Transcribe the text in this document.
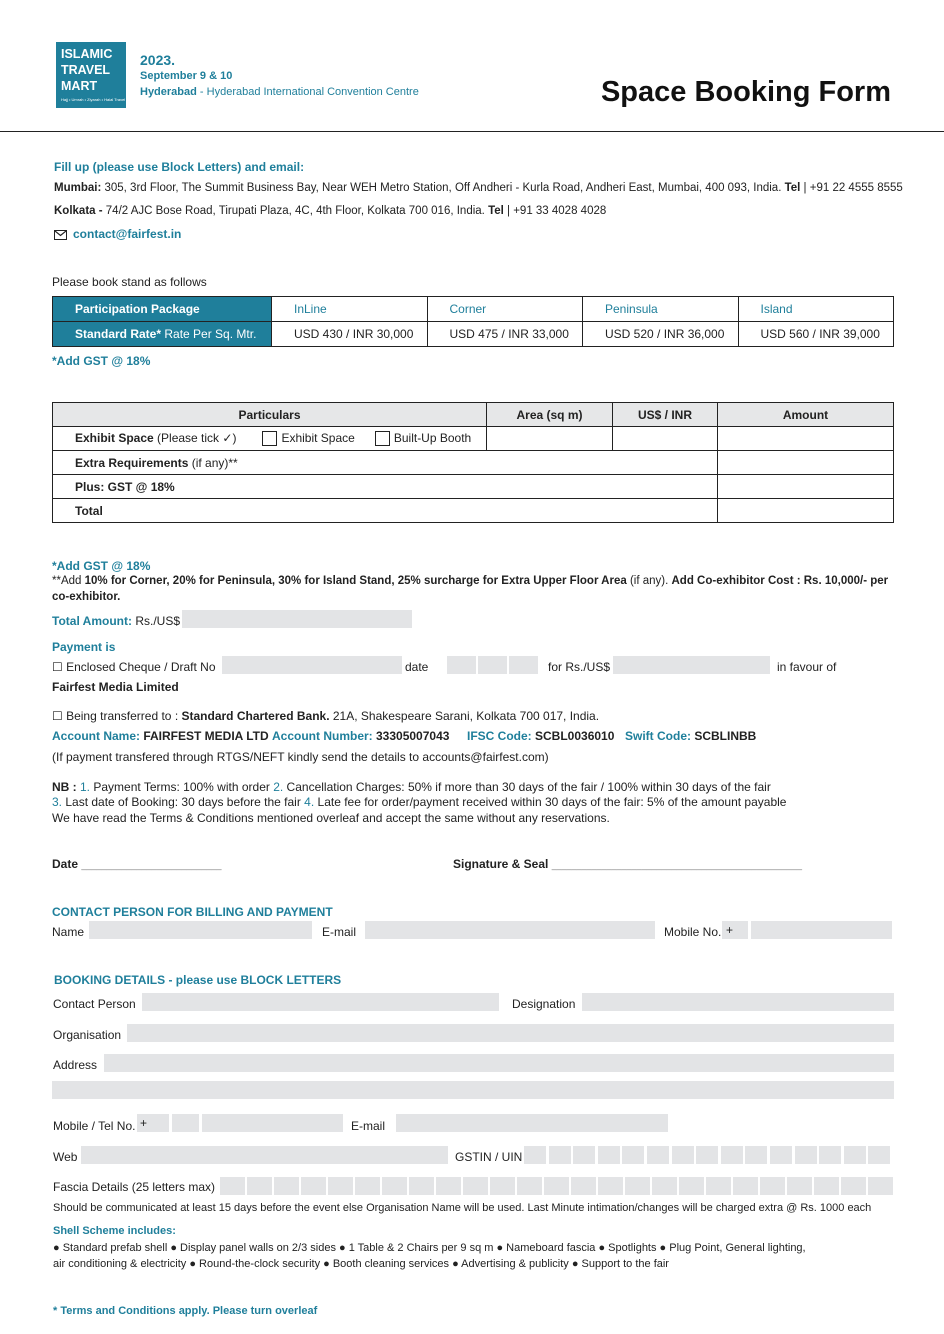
ISLAMIC
TRAVEL
MART
Hajj • Umrah • Ziyarah • Halal Travel
2023.
September 9 & 10
Hyderabad - Hyderabad International Convention Centre	Space Booking Form
Fill up (please use Block Letters) and email:
Mumbai: 305, 3rd Floor, The Summit Business Bay, Near WEH Metro Station, Off Andheri - Kurla Road, Andheri East, Mumbai, 400 093, India. Tel | +91 22 4555 8555
Kolkata - 74/2 AJC Bose Road, Tirupati Plaza, 4C, 4th Floor, Kolkata 700 016, India. Tel | +91 33 4028 4028
contact@fairfest.in
Please book stand as follows
Participation Package	InLine	Corner	Peninsula	Island
Standard Rate* Rate Per Sq. Mtr.	USD 430 / INR 30,000	USD 475 / INR 33,000	USD 520 / INR 36,000	USD 560 / INR 39,000
*Add GST @ 18%
Particulars	Area (sq m)	US$ / INR	Amount
Exhibit Space (Please tick ✓) Exhibit Space Built-Up Booth			
Extra Requirements (if any)**			
Plus: GST @ 18%			
Total			
*Add GST @ 18%
**Add 10% for Corner, 20% for Peninsula, 30% for Island Stand, 25% surcharge for Extra Upper Floor Area (if any). Add Co-exhibitor Cost : Rs. 10,000/- per
co-exhibitor.
Total Amount: Rs./US$
Payment is
☐ Enclosed Cheque / Draft No	date	for Rs./US$	in favour of
Fairfest Media Limited
☐ Being transferred to : Standard Chartered Bank. 21A, Shakespeare Sarani, Kolkata 700 017, India.
Account Name: FAIRFEST MEDIA LTD Account Number: 33305007043 IFSC Code: SCBL0036010 Swift Code: SCBLINBB
(If payment transfered through RTGS/NEFT kindly send the details to accounts@fairfest.com)
NB : 1. Payment Terms: 100% with order 2. Cancellation Charges: 50% if more than 30 days of the fair / 100% within 30 days of the fair
3. Last date of Booking: 30 days before the fair 4. Late fee for order/payment received within 30 days of the fair: 5% of the amount payable
We have read the Terms & Conditions mentioned overleaf and accept the same without any reservations.
Date ____________________________	Signature & Seal __________________________________________________
CONTACT PERSON FOR BILLING AND PAYMENT
Name	E-mail	Mobile No. +
BOOKING DETAILS - please use BLOCK LETTERS
Contact Person	Designation
Organisation
Address
Mobile / Tel No. +	E-mail
Web	GSTIN / UIN
Fascia Details (25 letters max)
Should be communicated at least 15 days before the event else Organisation Name will be used. Last Minute intimation/changes will be charged extra @ Rs. 1000 each
Shell Scheme includes:
● Standard prefab shell ● Display panel walls on 2/3 sides ● 1 Table & 2 Chairs per 9 sq m ● Nameboard fascia ● Spotlights ● Plug Point, General lighting,
air conditioning & electricity ● Round-the-clock security ● Booth cleaning services ● Advertising & publicity ● Support to the fair
* Terms and Conditions apply. Please turn overleaf
